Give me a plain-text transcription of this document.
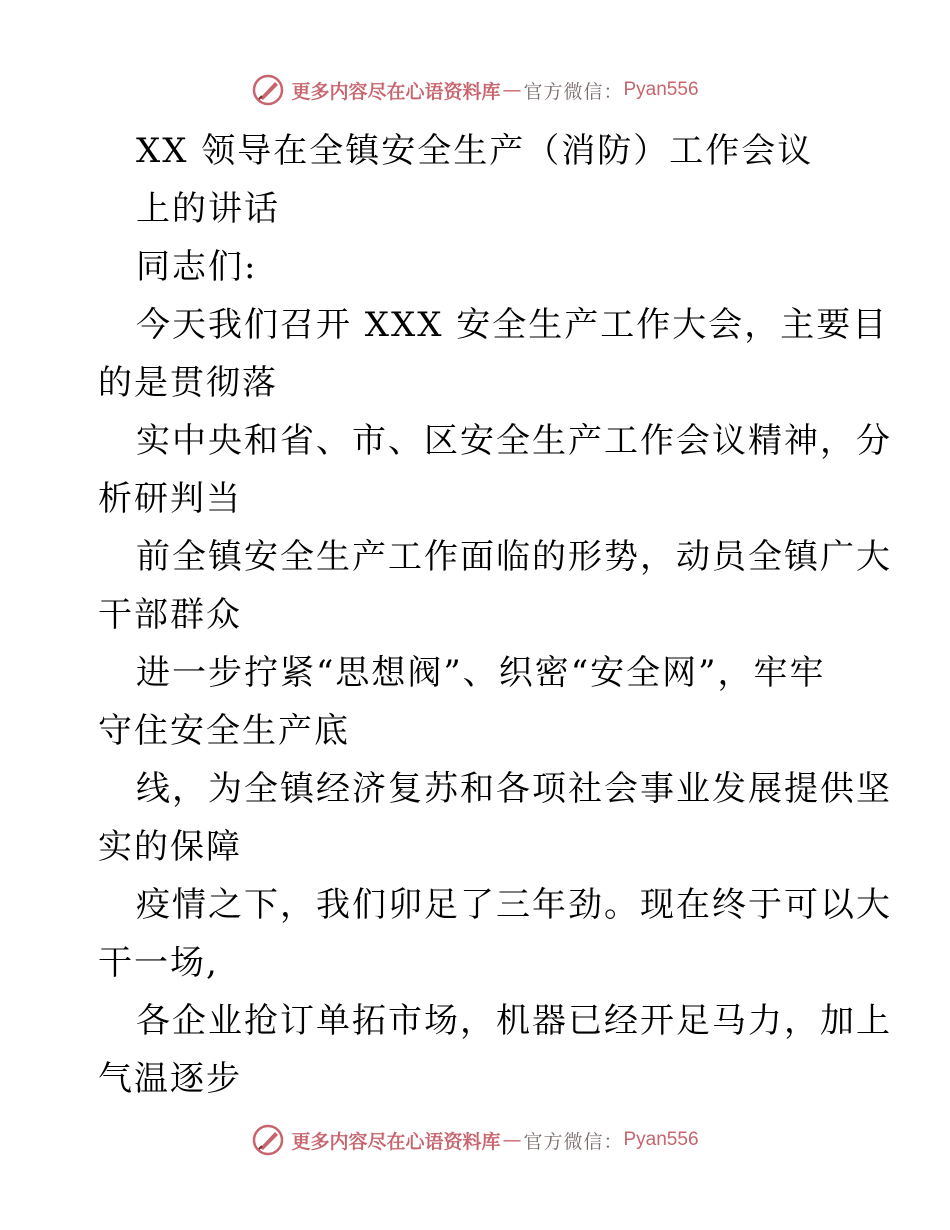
更多内容尽在心语资料库 — 官方微信： Pyan556
XX 领导在全镇安全生产（消防）工作会议
上的讲话
同志们:
今天我们召开 XXX 安全生产工作大会，主要目
的是贯彻落
实中央和省、市、区安全生产工作会议精神，分
析研判当
前全镇安全生产工作面临的形势，动员全镇广大
干部群众
进一步拧紧“思想阀”、织密“安全网”，牢牢
守住安全生产底
线，为全镇经济复苏和各项社会事业发展提供坚
实的保障
疫情之下，我们卯足了三年劲。现在终于可以大
干一场,
各企业抢订单拓市场，机器已经开足马力，加上
气温逐步
更多内容尽在心语资料库 — 官方微信： Pyan556
